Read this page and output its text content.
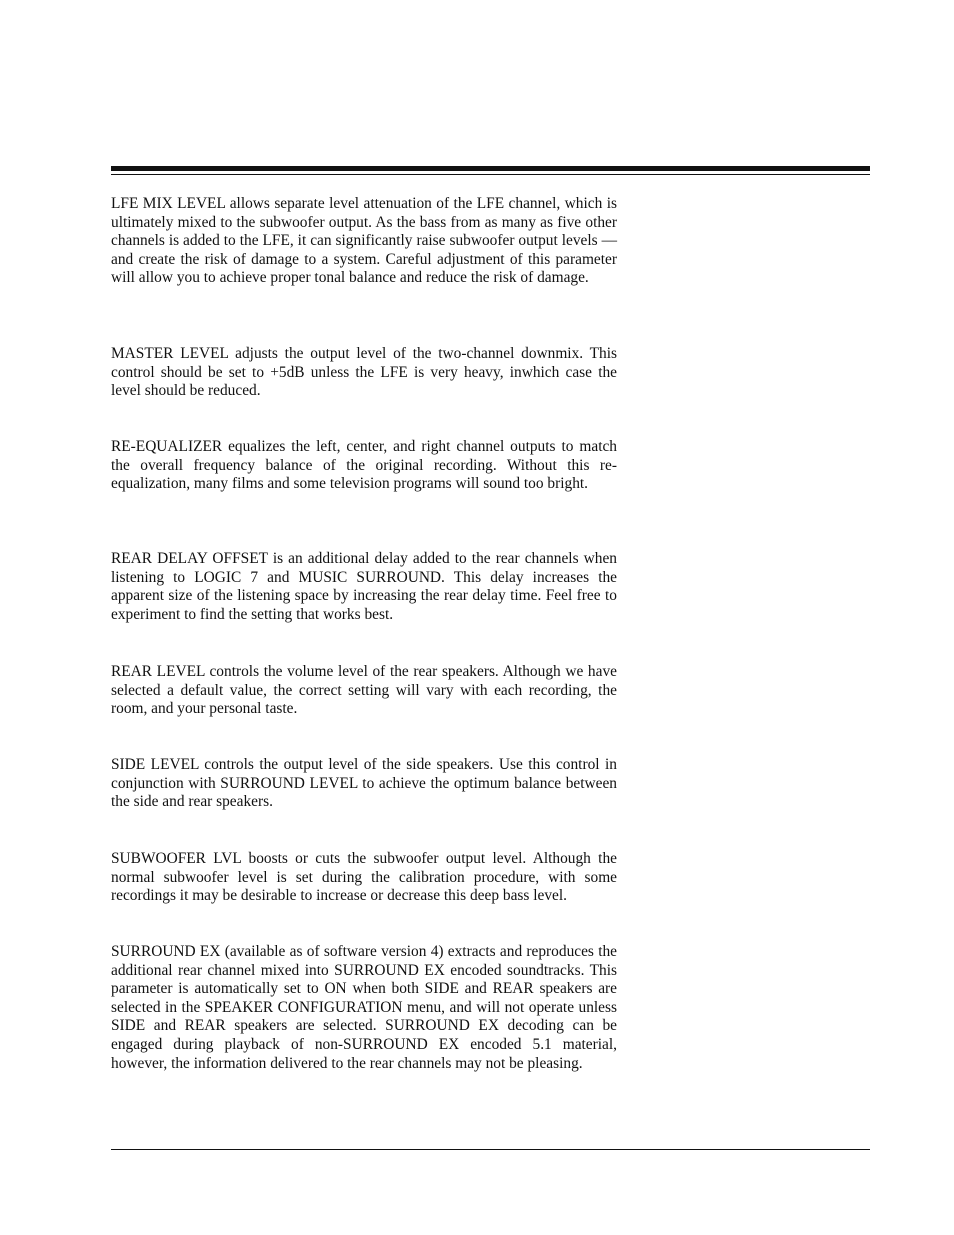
LFE MIX LEVEL allows separate level attenuation of the LFE channel, which is ultimately mixed to the subwoofer output. As the bass from as many as five other channels is added to the LFE, it can significantly raise subwoofer output levels — and create the risk of damage to a system. Careful adjustment of this parameter will allow you to achieve proper tonal balance and reduce the risk of damage.

MASTER LEVEL adjusts the output level of the two-channel downmix. This control should be set to +5dB unless the LFE is very heavy, inwhich case the level should be reduced.

RE-EQUALIZER equalizes the left, center, and right channel outputs to match the overall frequency balance of the original recording. Without this re-equalization, many films and some television programs will sound too bright.

REAR DELAY OFFSET is an additional delay added to the rear channels when listening to LOGIC 7 and MUSIC SURROUND. This delay increases the apparent size of the listening space by increasing the rear delay time. Feel free to experiment to find the setting that works best.

REAR LEVEL controls the volume level of the rear speakers. Although we have selected a default value, the correct setting will vary with each recording, the room, and your personal taste.

SIDE LEVEL controls the output level of the side speakers. Use this control in conjunction with SURROUND LEVEL to achieve the optimum balance between the side and rear speakers.

SUBWOOFER LVL boosts or cuts the subwoofer output level. Although the normal subwoofer level is set during the calibration procedure, with some recordings it may be desirable to increase or decrease this deep bass level.

SURROUND EX (available as of software version 4) extracts and reproduces the additional rear channel mixed into SURROUND EX encoded soundtracks. This parameter is automatically set to ON when both SIDE and REAR speakers are selected in the SPEAKER CONFIGURATION menu, and will not operate unless SIDE and REAR speakers are selected. SURROUND EX decoding can be engaged during playback of non-SURROUND EX encoded 5.1 material, however, the information delivered to the rear channels may not be pleasing.
